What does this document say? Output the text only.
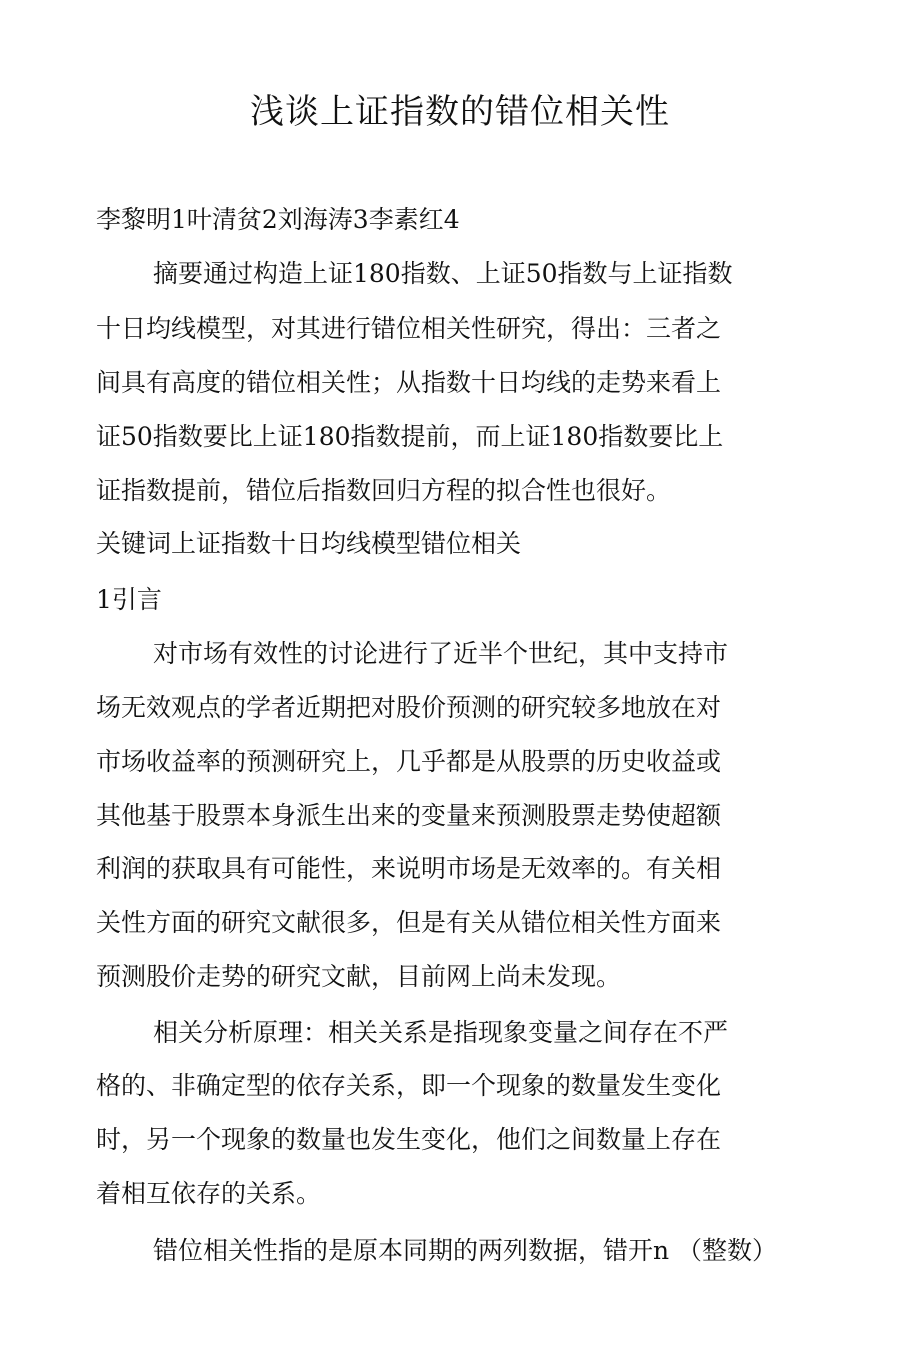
浅谈上证指数的错位相关性

李黎明1叶清贫2刘海涛3李素红4

摘要通过构造上证180指数、上证50指数与上证指数

十日均线模型，对其进行错位相关性研究，得出：三者之

间具有高度的错位相关性；从指数十日均线的走势来看上

证50指数要比上证180指数提前，而上证180指数要比上

证指数提前，错位后指数回归方程的拟合性也很好。

关键词上证指数十日均线模型错位相关

1引言

对市场有效性的讨论进行了近半个世纪，其中支持市

场无效观点的学者近期把对股价预测的研究较多地放在对

市场收益率的预测研究上，几乎都是从股票的历史收益或

其他基于股票本身派生出来的变量来预测股票走势使超额

利润的获取具有可能性，来说明市场是无效率的。有关相

关性方面的研究文献很多，但是有关从错位相关性方面来

预测股价走势的研究文献，目前网上尚未发现。

相关分析原理：相关关系是指现象变量之间存在不严

格的、非确定型的依存关系，即一个现象的数量发生变化

时，另一个现象的数量也发生变化，他们之间数量上存在

着相互依存的关系。

错位相关性指的是原本同期的两列数据，错开n （整数）
